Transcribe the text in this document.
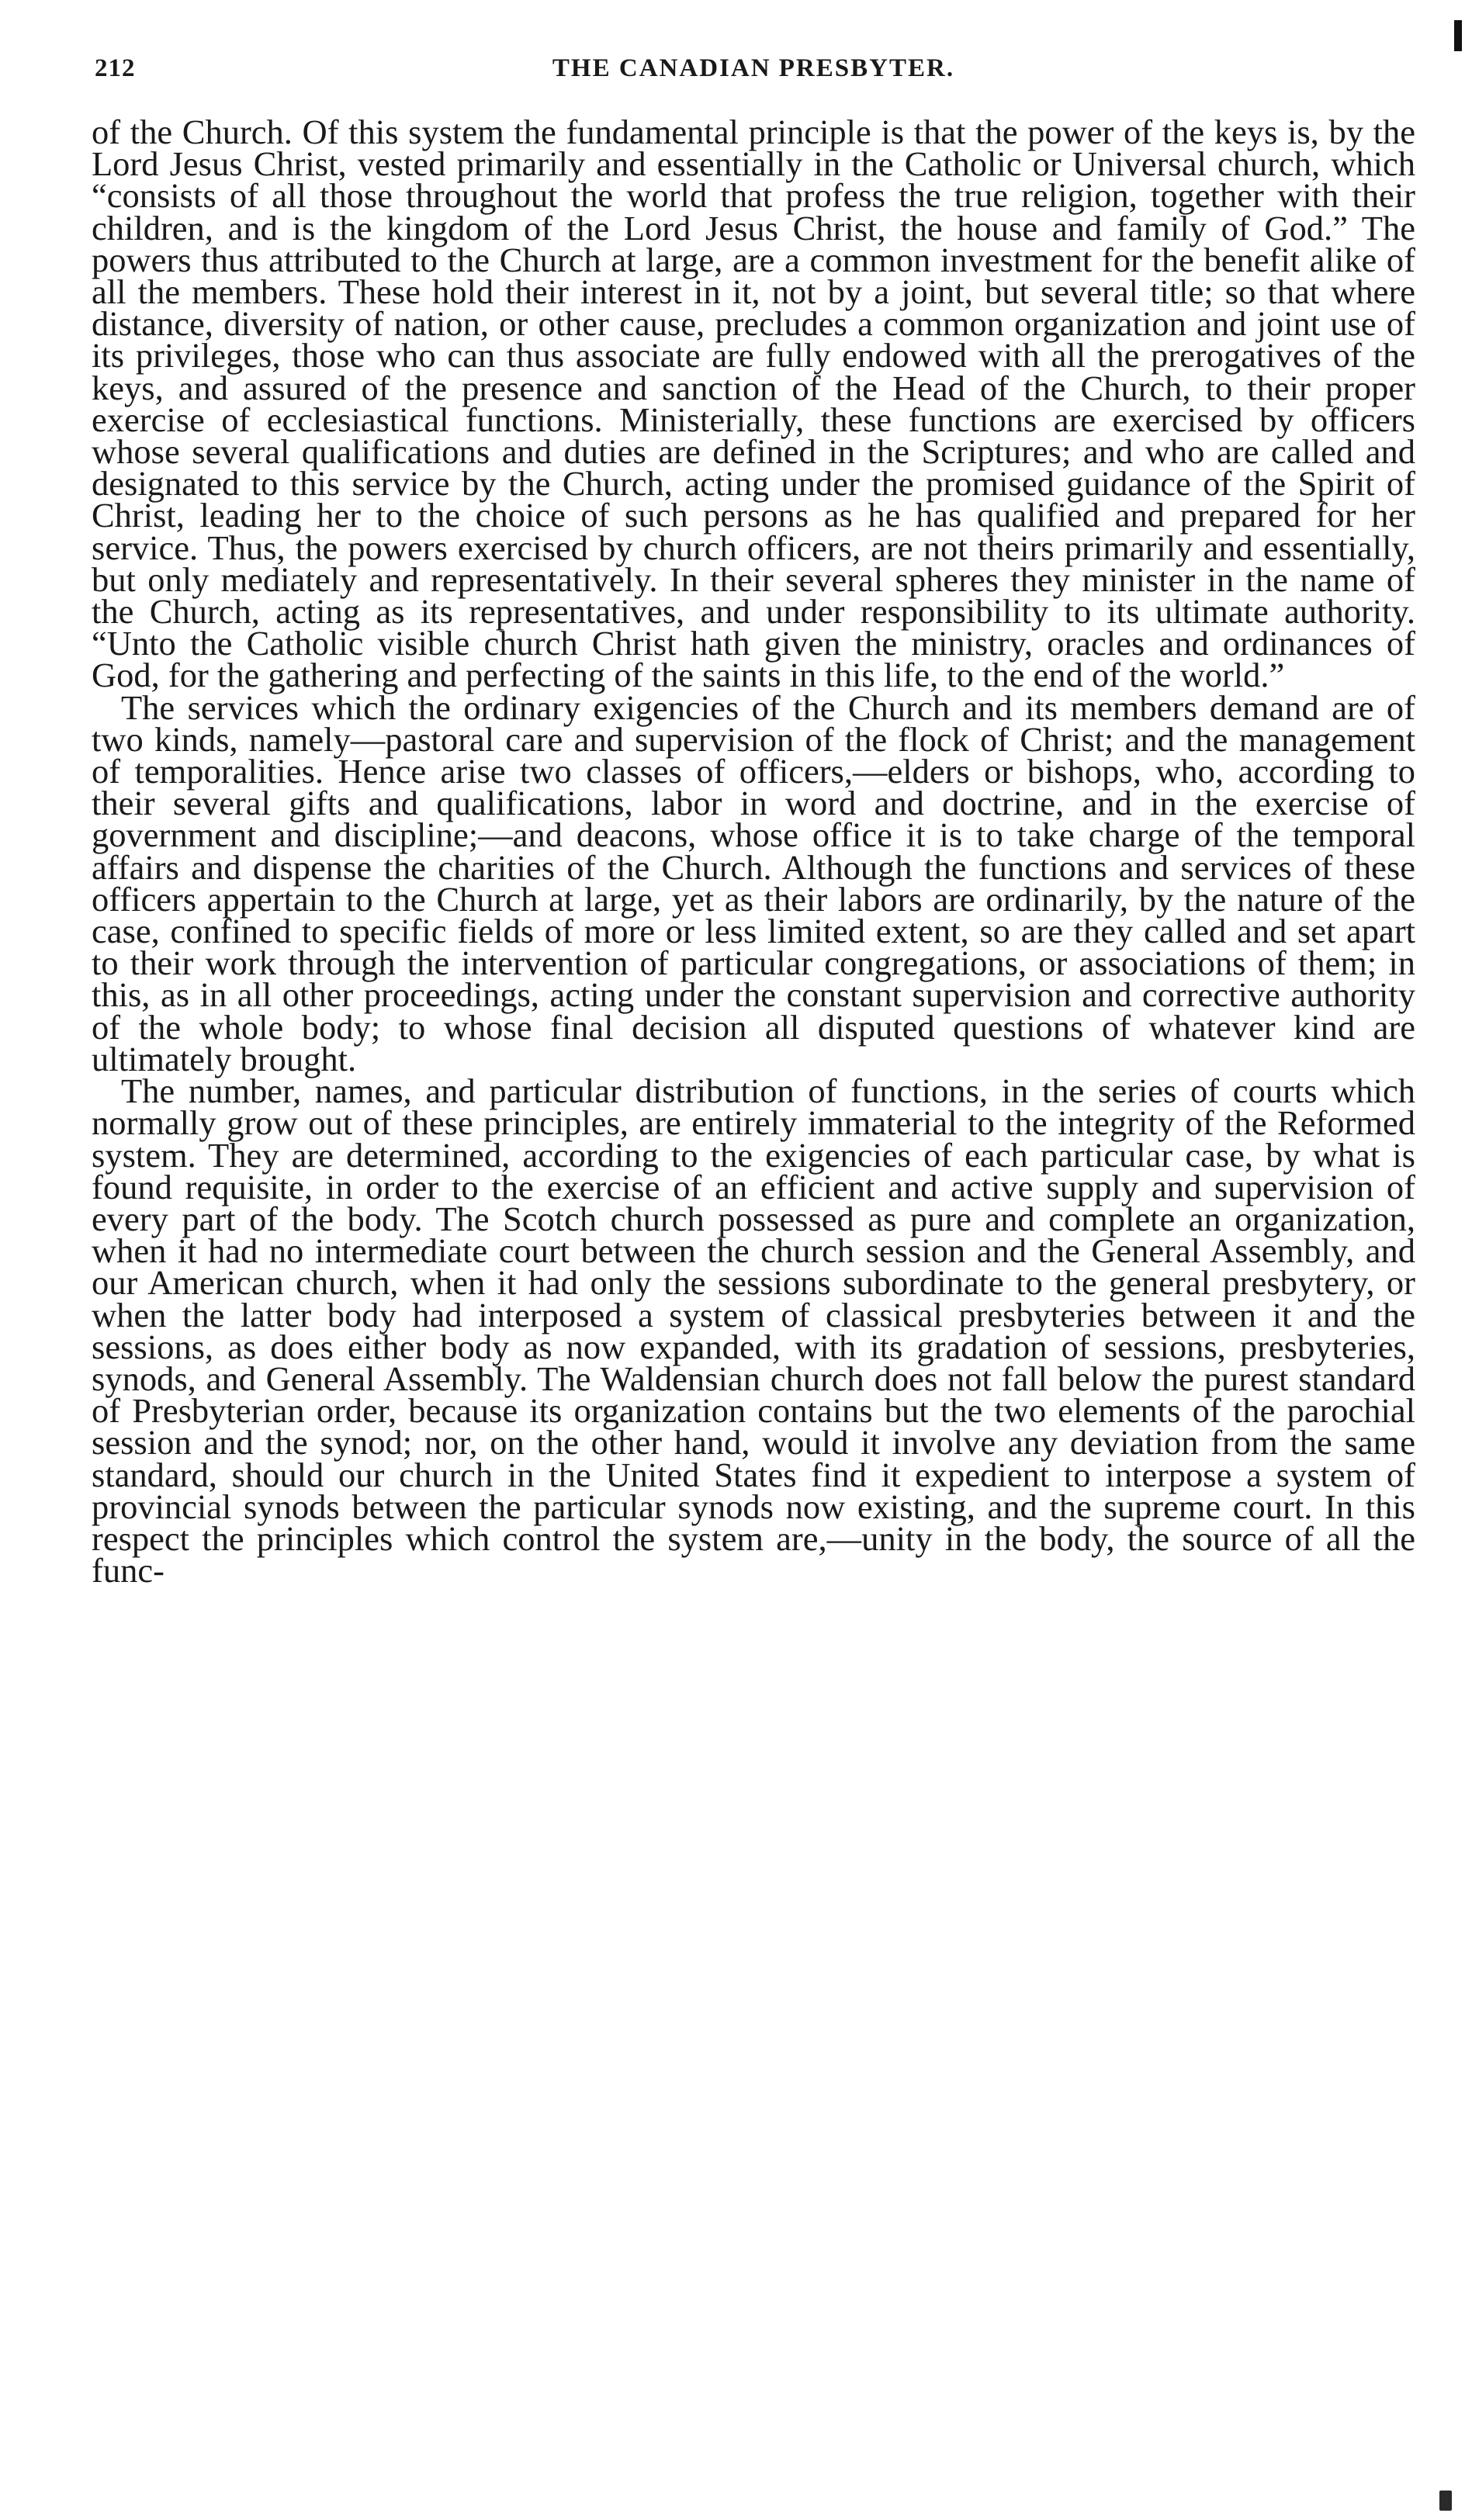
212	THE CANADIAN PRESBYTER.

of the Church. Of this system the fundamental principle is that the power of the keys is, by the Lord Jesus Christ, vested primarily and essentially in the Catholic or Universal church, which “consists of all those throughout the world that profess the true religion, together with their children, and is the kingdom of the Lord Jesus Christ, the house and family of God.” The powers thus attributed to the Church at large, are a common investment for the benefit alike of all the members. These hold their interest in it, not by a joint, but several title; so that where distance, diversity of nation, or other cause, precludes a common organization and joint use of its privileges, those who can thus associate are fully endowed with all the prerogatives of the keys, and assured of the presence and sanction of the Head of the Church, to their proper exercise of ecclesiastical functions. Ministerially, these functions are exercised by officers whose several qualifications and duties are defined in the Scriptures; and who are called and designated to this service by the Church, acting under the promised guidance of the Spirit of Christ, leading her to the choice of such persons as he has qualified and prepared for her service. Thus, the powers exercised by church officers, are not theirs primarily and essentially, but only mediately and representatively. In their several spheres they minister in the name of the Church, acting as its representatives, and under responsibility to its ultimate authority. “Unto the Catholic visible church Christ hath given the ministry, oracles and ordinances of God, for the gathering and perfecting of the saints in this life, to the end of the world.”

The services which the ordinary exigencies of the Church and its members demand are of two kinds, namely—pastoral care and supervision of the flock of Christ; and the management of temporalities. Hence arise two classes of officers,—elders or bishops, who, according to their several gifts and qualifications, labor in word and doctrine, and in the exercise of government and discipline;—and deacons, whose office it is to take charge of the temporal affairs and dispense the charities of the Church. Although the functions and services of these officers appertain to the Church at large, yet as their labors are ordinarily, by the nature of the case, confined to specific fields of more or less limited extent, so are they called and set apart to their work through the intervention of particular congregations, or associations of them; in this, as in all other proceedings, acting under the constant supervision and corrective authority of the whole body; to whose final decision all disputed questions of whatever kind are ultimately brought.

The number, names, and particular distribution of functions, in the series of courts which normally grow out of these principles, are entirely immaterial to the integrity of the Reformed system. They are determined, according to the exigencies of each particular case, by what is found requisite, in order to the exercise of an efficient and active supply and supervision of every part of the body. The Scotch church possessed as pure and complete an organization, when it had no intermediate court between the church session and the General Assembly, and our American church, when it had only the sessions subordinate to the general presbytery, or when the latter body had interposed a system of classical presbyteries between it and the sessions, as does either body as now expanded, with its gradation of sessions, presbyteries, synods, and General Assembly. The Waldensian church does not fall below the purest standard of Presbyterian order, because its organization contains but the two elements of the parochial session and the synod; nor, on the other hand, would it involve any deviation from the same standard, should our church in the United States find it expedient to interpose a system of provincial synods between the particular synods now existing, and the supreme court. In this respect the principles which control the system are,—unity in the body, the source of all the func-
